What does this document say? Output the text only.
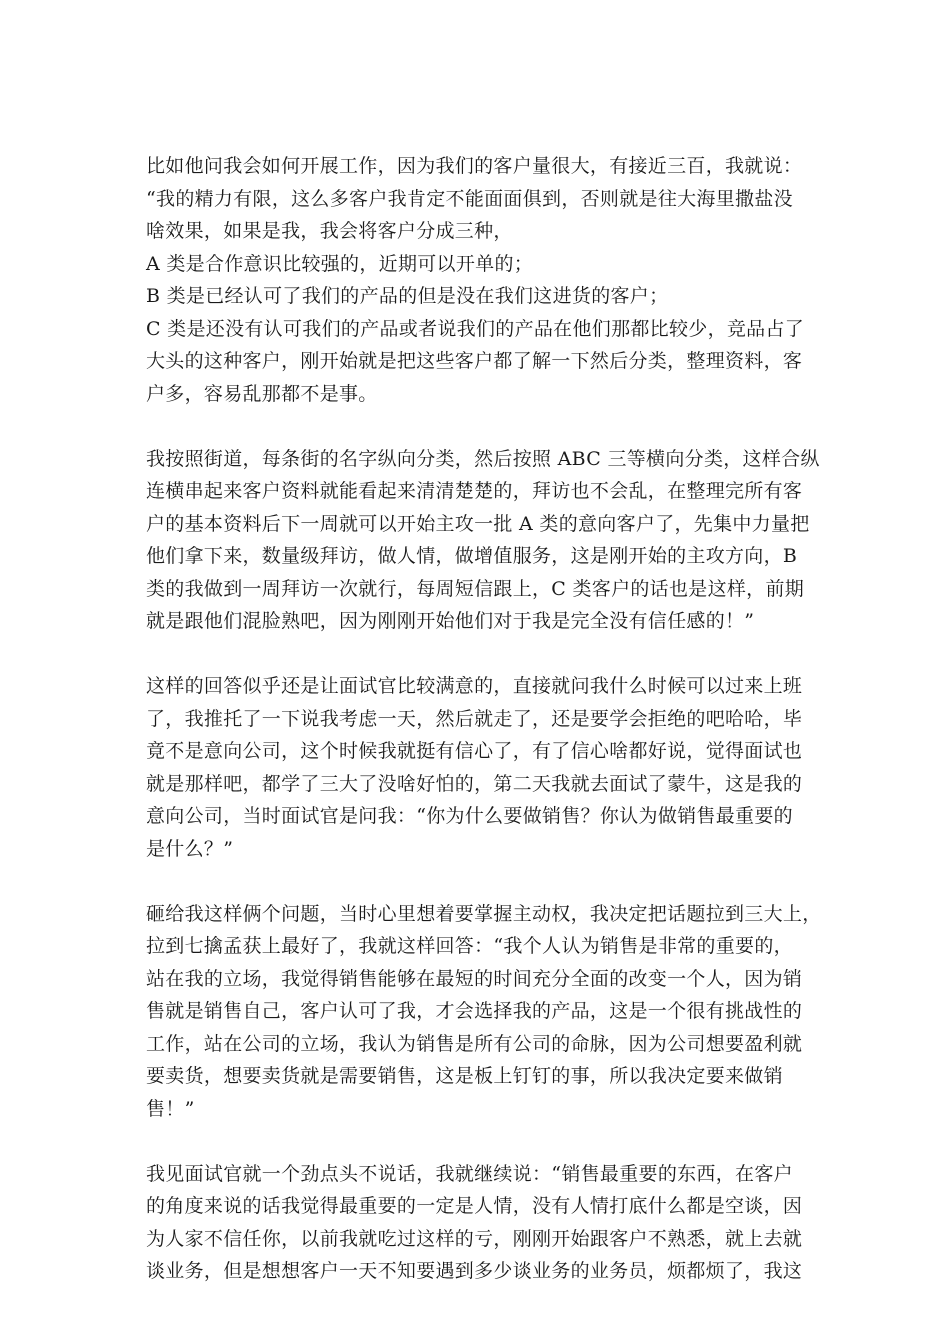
比如他问我会如何开展工作，因为我们的客户量很大，有接近三百，我就说：
“我的精力有限，这么多客户我肯定不能面面俱到，否则就是往大海里撒盐没
啥效果，如果是我，我会将客户分成三种，
A 类是合作意识比较强的，近期可以开单的；
B 类是已经认可了我们的产品的但是没在我们这进货的客户；
C 类是还没有认可我们的产品或者说我们的产品在他们那都比较少，竞品占了
大头的这种客户，刚开始就是把这些客户都了解一下然后分类，整理资料，客
户多，容易乱那都不是事。
我按照街道，每条街的名字纵向分类，然后按照 ABC 三等横向分类，这样合纵
连横串起来客户资料就能看起来清清楚楚的，拜访也不会乱，在整理完所有客
户的基本资料后下一周就可以开始主攻一批 A 类的意向客户了，先集中力量把
他们拿下来，数量级拜访，做人情，做增值服务，这是刚开始的主攻方向，B
类的我做到一周拜访一次就行，每周短信跟上，C 类客户的话也是这样，前期
就是跟他们混脸熟吧，因为刚刚开始他们对于我是完全没有信任感的！”
这样的回答似乎还是让面试官比较满意的，直接就问我什么时候可以过来上班
了，我推托了一下说我考虑一天，然后就走了，还是要学会拒绝的吧哈哈，毕
竟不是意向公司，这个时候我就挺有信心了，有了信心啥都好说，觉得面试也
就是那样吧，都学了三大了没啥好怕的，第二天我就去面试了蒙牛，这是我的
意向公司，当时面试官是问我：“你为什么要做销售？你认为做销售最重要的
是什么？”
砸给我这样俩个问题，当时心里想着要掌握主动权，我决定把话题拉到三大上，
拉到七擒孟获上最好了，我就这样回答：“我个人认为销售是非常的重要的，
站在我的立场，我觉得销售能够在最短的时间充分全面的改变一个人，因为销
售就是销售自己，客户认可了我，才会选择我的产品，这是一个很有挑战性的
工作，站在公司的立场，我认为销售是所有公司的命脉，因为公司想要盈利就
要卖货，想要卖货就是需要销售，这是板上钉钉的事，所以我决定要来做销
售！”
我见面试官就一个劲点头不说话，我就继续说：“销售最重要的东西，在客户
的角度来说的话我觉得最重要的一定是人情，没有人情打底什么都是空谈，因
为人家不信任你，以前我就吃过这样的亏，刚刚开始跟客户不熟悉，就上去就
谈业务，但是想想客户一天不知要遇到多少谈业务的业务员，烦都烦了，我这
